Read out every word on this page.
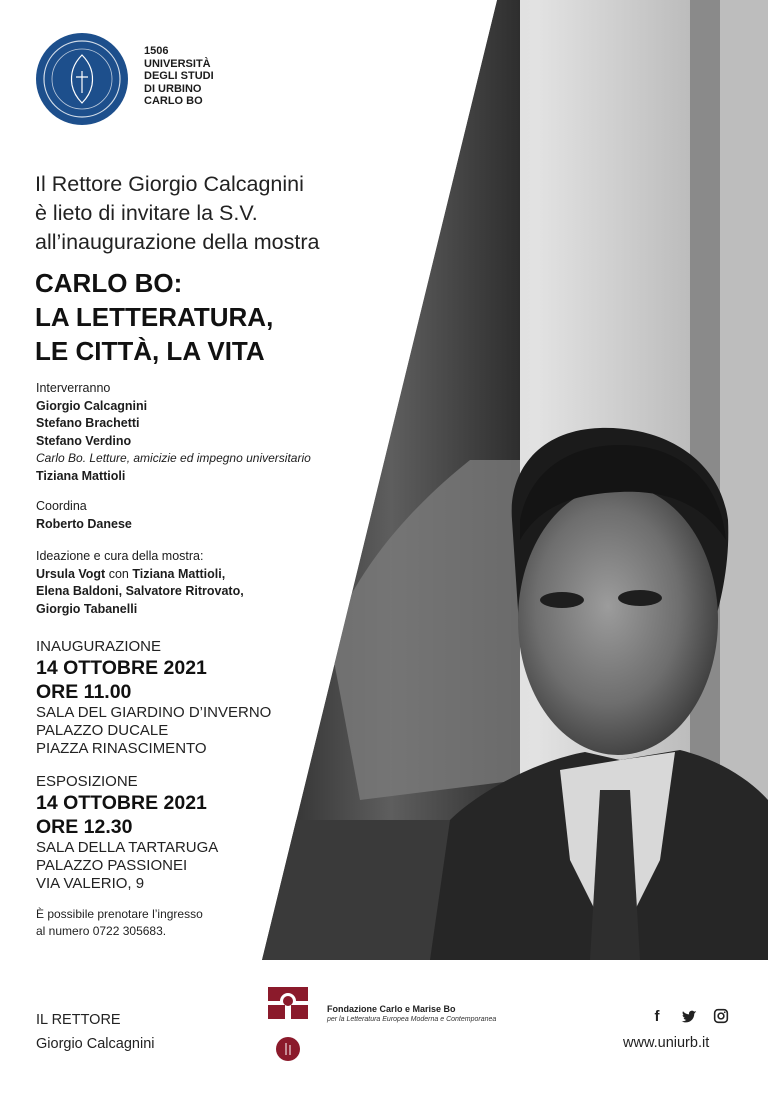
1506
UNIVERSITÀ
DEGLI STUDI
DI URBINO
CARLO BO
Il Rettore Giorgio Calcagnini
è lieto di invitare la S.V.
all’inaugurazione della mostra
CARLO BO:
LA LETTERATURA,
LE CITTÀ, LA VITA
Interverranno
Giorgio Calcagnini
Stefano Brachetti
Stefano Verdino
Carlo Bo. Letture, amicizie ed impegno universitario
Tiziana Mattioli
Coordina
Roberto Danese
Ideazione e cura della mostra:
Ursula Vogt con Tiziana Mattioli,
Elena Baldoni, Salvatore Ritrovato,
Giorgio Tabanelli
INAUGURAZIONE
14 OTTOBRE 2021
ORE 11.00
SALA DEL GIARDINO D’INVERNO
PALAZZO DUCALE
PIAZZA RINASCIMENTO
ESPOSIZIONE
14 OTTOBRE 2021
ORE 12.30
SALA DELLA TARTARUGA
PALAZZO PASSIONEI
VIA VALERIO, 9
È possibile prenotare l’ingresso
al numero 0722 305683.
IL RETTORE
Giorgio Calcagnini
Fondazione Carlo e Marise Bo
per la Letteratura Europea Moderna e Contemporanea	f
www.uniurb.it
